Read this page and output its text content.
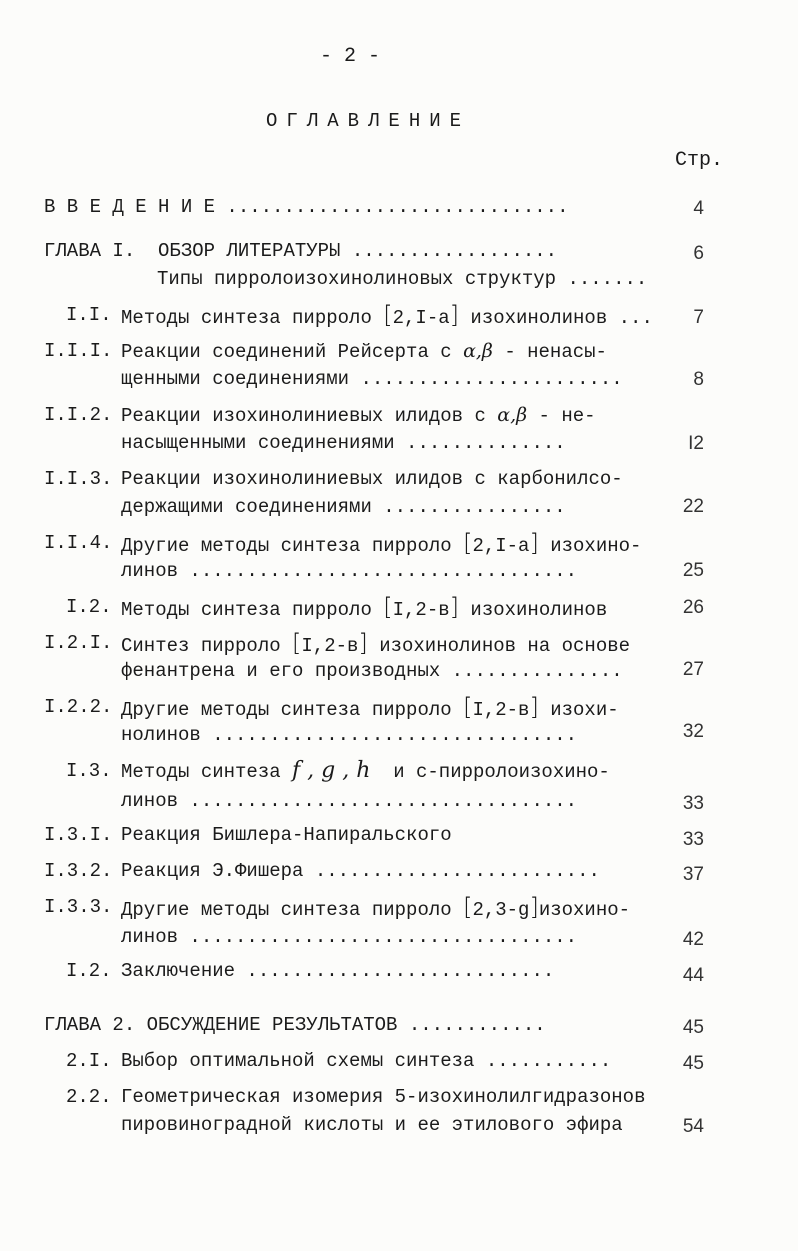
- 2 -
ОГЛАВЛЕНИЕ
Стр.
В В Е Д Е Н И Е ..............................	4
ГЛАВА I.  ОБЗОР ЛИТЕРАТУРЫ ..................	6
Типы пирролоизохинолиновых структур .......
I.I. Методы синтеза пирроло [2,I-а] изохинолинов ...	7
I.I.I. Реакции соединений Рейсерта с α,β - ненасы-
щенными соединениями .......................	8
I.I.2. Реакции изохинолиниевых илидов с α,β - не-
насыщенными соединениями ..............	I2
I.I.3. Реакции изохинолиниевых илидов с карбонилсо-
держащими соединениями ................	22
I.I.4. Другие методы синтеза пирроло [2,I-а] изохино-
линов ..................................	25
I.2. Методы синтеза пирроло [I,2-в] изохинолинов	26
I.2.I. Синтез пирроло [I,2-в] изохинолинов на основе
фенантрена и его производных ...............	27
I.2.2. Другие методы синтеза пирроло [I,2-в] изохи-
нолинов ................................	32
I.3. Методы синтеза f , g , h  и с-пирролоизохино-
линов ..................................	33
I.3.I. Реакция Бишлера-Напиральского	33
I.3.2. Реакция Э.Фишера .........................	37
I.3.3. Другие методы синтеза пирроло [2,3-g]изохино-
линов ..................................	42
I.2. Заключение ...........................	44
ГЛАВА 2. ОБСУЖДЕНИЕ РЕЗУЛЬТАТОВ ............	45
2.I. Выбор оптимальной схемы синтеза ...........	45
2.2. Геометрическая изомерия 5-изохинолилгидразонов
пировиноградной кислоты и ее этилового эфира	54
